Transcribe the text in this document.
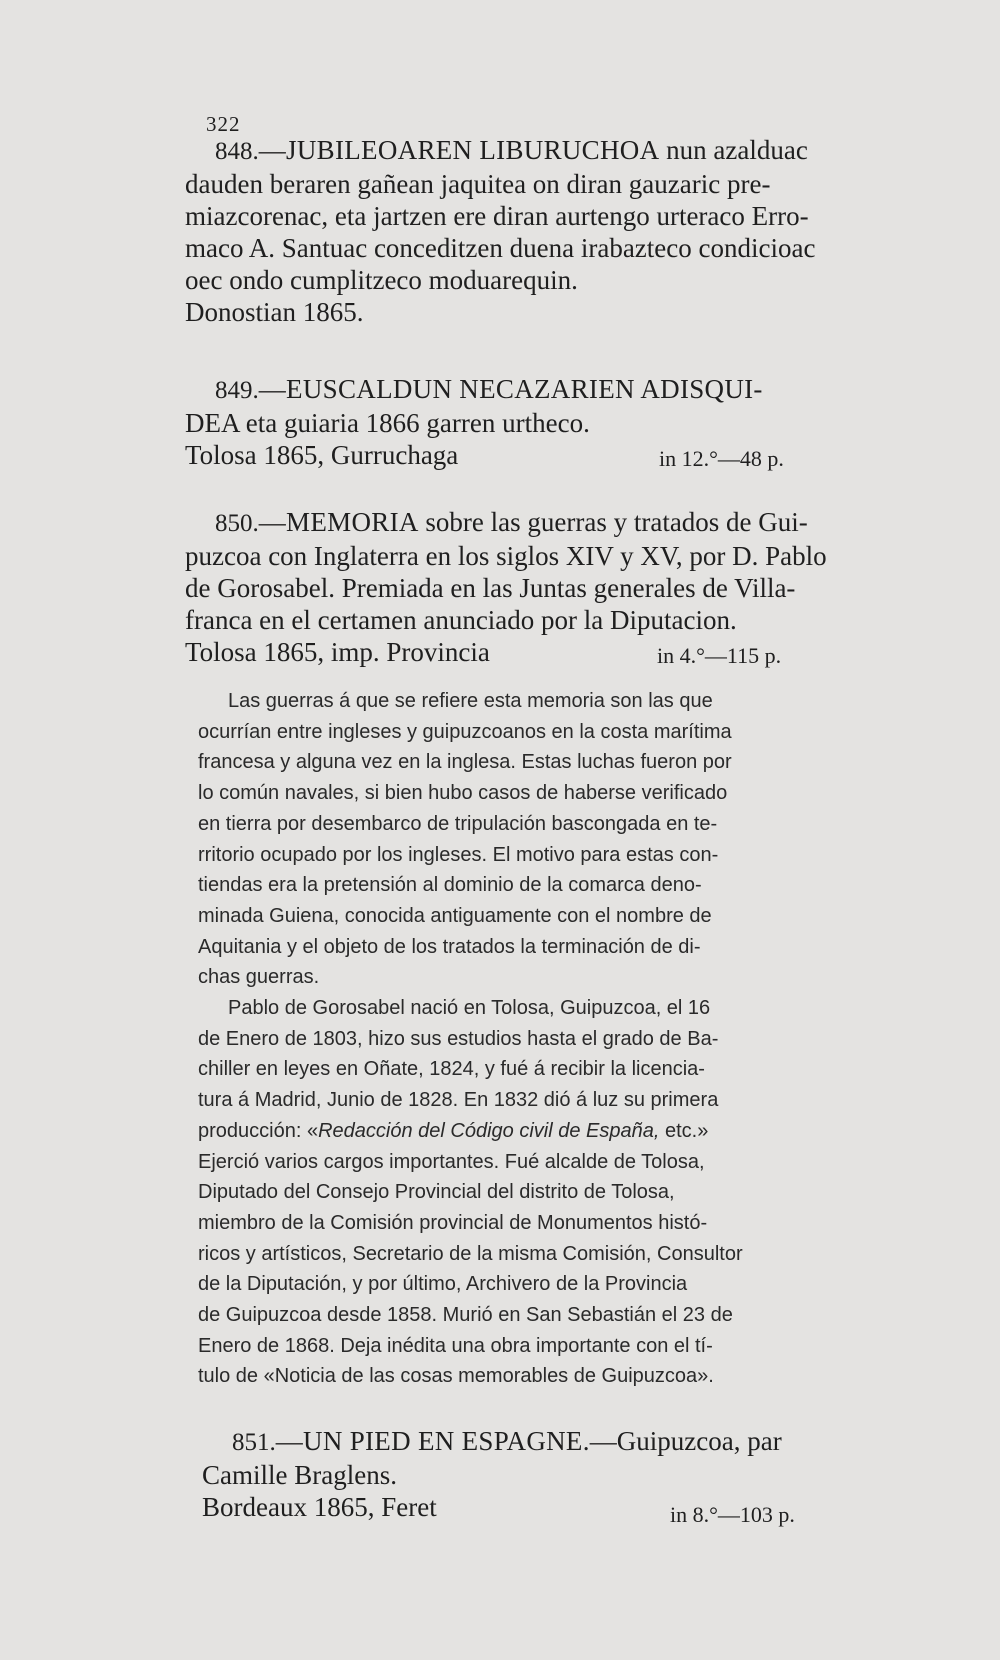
322

848.—JUBILEOAREN LIBURUCHOA nun azalduac

dauden beraren gañean jaquitea on diran gauzaric pre-

miazcorenac, eta jartzen ere diran aurtengo urteraco Erro-

maco A. Santuac conceditzen duena irabazteco condicioac

oec ondo cumplitzeco moduarequin.

Donostian 1865.

849.—EUSCALDUN NECAZARIEN ADISQUI-

DEA eta guiaria 1866 garren urtheco.

Tolosa 1865, Gurruchaga	in 12.°—48 p.

850.—MEMORIA sobre las guerras y tratados de Gui-

puzcoa con Inglaterra en los siglos XIV y XV, por D. Pablo

de Gorosabel. Premiada en las Juntas generales de Villa-

franca en el certamen anunciado por la Diputacion.

Tolosa 1865, imp. Provincia	in 4.°—115 p.

Las guerras á que se refiere esta memoria son las que

ocurrían entre ingleses y guipuzcoanos en la costa marítima

francesa y alguna vez en la inglesa. Estas luchas fueron por

lo común navales, si bien hubo casos de haberse verificado

en tierra por desembarco de tripulación bascongada en te-

rritorio ocupado por los ingleses. El motivo para estas con-

tiendas era la pretensión al dominio de la comarca deno-

minada Guiena, conocida antiguamente con el nombre de

Aquitania y el objeto de los tratados la terminación de di-

chas guerras.

Pablo de Gorosabel nació en Tolosa, Guipuzcoa, el 16

de Enero de 1803, hizo sus estudios hasta el grado de Ba-

chiller en leyes en Oñate, 1824, y fué á recibir la licencia-

tura á Madrid, Junio de 1828. En 1832 dió á luz su primera

producción: «Redacción del Código civil de España, etc.»

Ejerció varios cargos importantes. Fué alcalde de Tolosa,

Diputado del Consejo Provincial del distrito de Tolosa,

miembro de la Comisión provincial de Monumentos histó-

ricos y artísticos, Secretario de la misma Comisión, Consultor

de la Diputación, y por último, Archivero de la Provincia

de Guipuzcoa desde 1858. Murió en San Sebastián el 23 de

Enero de 1868. Deja inédita una obra importante con el tí-

tulo de «Noticia de las cosas memorables de Guipuzcoa».

851.—UN PIED EN ESPAGNE.—Guipuzcoa, par

Camille Braglens.

Bordeaux 1865, Feret	in 8.°—103 p.
